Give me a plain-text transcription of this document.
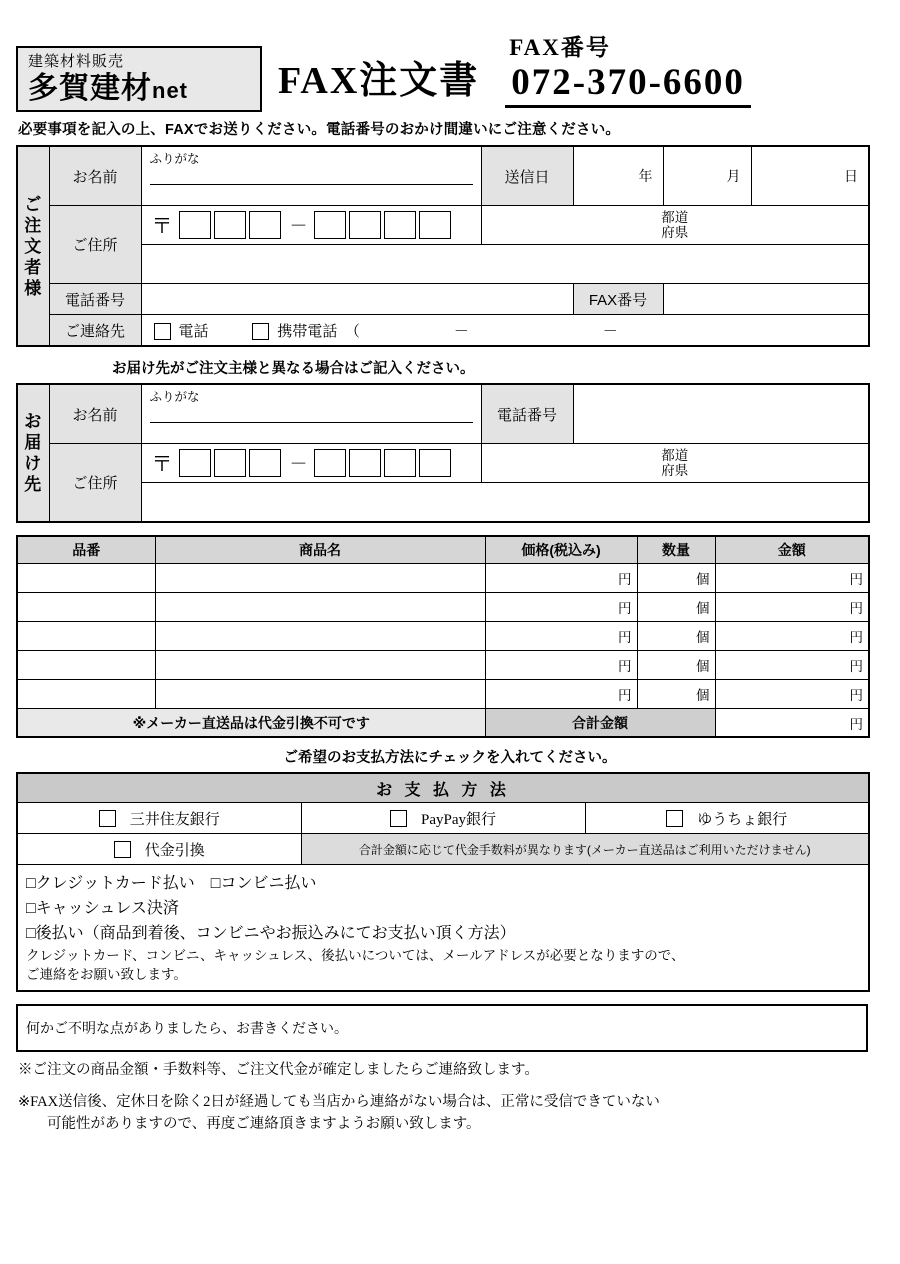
建築材料販売
多賀建材net	FAX注文書
FAX番号
072-370-6600
必要事項を記入の上、FAXでお送りください。電話番号のおかけ間違いにご注意ください。
ご注文者様	お名前	ふりがな	送信日	年	月	日
ご住所	
〒	－	都道
府県

	電話番号			FAX番号		
	ご連絡先	電話 携帯電話　（ － －				
お届け先がご注文主様と異なる場合はご記入ください。
お届け先	お名前	ふりがな	電話番号	
ご住所	
〒	－	都道
府県

品番	商品名	価格(税込み)	数量	金額
		円	個	円
		円	個	円
		円	個	円
		円	個	円
		円	個	円
※メーカー直送品は代金引換不可です		合計金額		円
ご希望のお支払方法にチェックを入れてください。
お 支 払 方 法		

三井住友銀行	PayPay銀行	ゆうちょ銀行

代金引換	合計金額に応じて代金手数料が異なります(メーカー直送品はご利用いただけません)	

□クレジットカード払い　□コンビニ払い
□キャッシュレス決済
□後払い（商品到着後、コンビニやお振込みにてお支払い頂く方法）
クレジットカード、コンビニ、キャッシュレス、後払いについては、メールアドレスが必要となりますので、
ご連絡をお願い致します。		
何かご不明な点がありましたら、お書きください。
※ご注文の商品金額・手数料等、ご注文代金が確定しましたらご連絡致します。
※FAX送信後、定休日を除く2日が経過しても当店から連絡がない場合は、正常に受信できていない
　　可能性がありますので、再度ご連絡頂きますようお願い致します。
